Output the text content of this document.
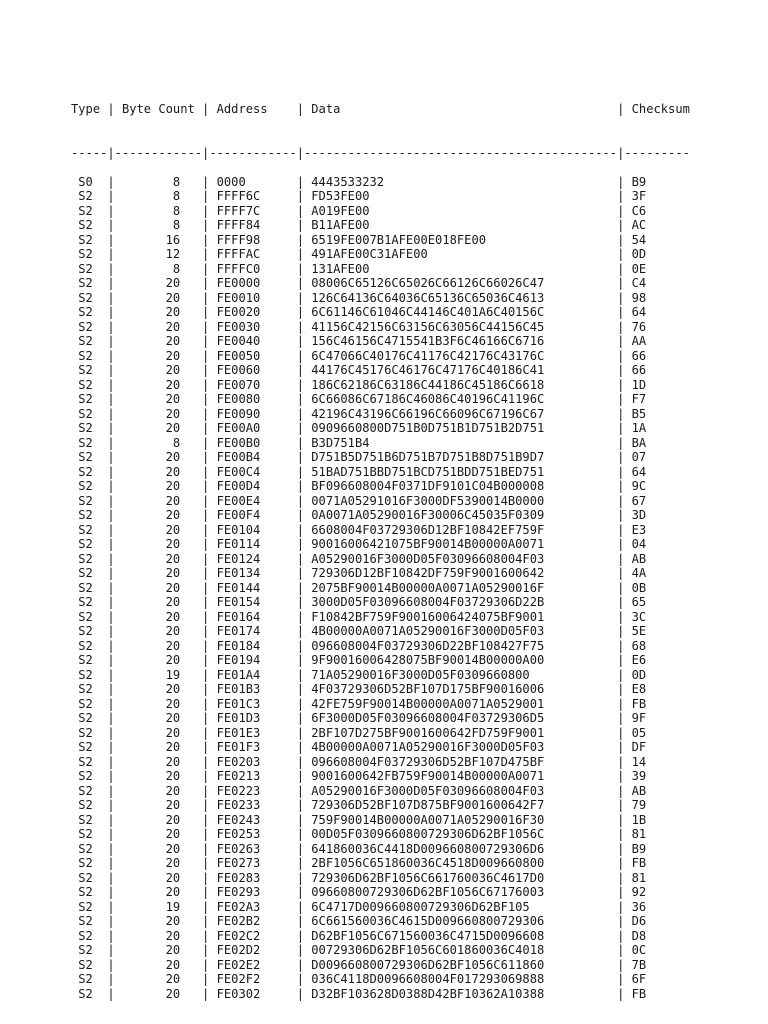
Type | Byte Count | Address    | Data                                      | Checksum

-----|------------|------------|-------------------------------------------|---------

S0  |        8   | 0000       | 4443533232                                | B9
S2  |        8   | FFFF6C     | FD53FE00                                  | 3F
S2  |        8   | FFFF7C     | A019FE00                                  | C6
S2  |        8   | FFFF84     | B11AFE00                                  | AC
S2  |       16   | FFFF98     | 6519FE007B1AFE00E018FE00                  | 54
S2  |       12   | FFFFAC     | 491AFE00C31AFE00                          | 0D
S2  |        8   | FFFFC0     | 131AFE00                                  | 0E
S2  |       20   | FE0000     | 08006C65126C65026C66126C66026C47          | C4
S2  |       20   | FE0010     | 126C64136C64036C65136C65036C4613          | 98
S2  |       20   | FE0020     | 6C61146C61046C44146C401A6C40156C          | 64
S2  |       20   | FE0030     | 41156C42156C63156C63056C44156C45          | 76
S2  |       20   | FE0040     | 156C46156C4715541B3F6C46166C6716          | AA
S2  |       20   | FE0050     | 6C47066C40176C41176C42176C43176C          | 66
S2  |       20   | FE0060     | 44176C45176C46176C47176C40186C41          | 66
S2  |       20   | FE0070     | 186C62186C63186C44186C45186C6618          | 1D
S2  |       20   | FE0080     | 6C66086C67186C46086C40196C41196C          | F7
S2  |       20   | FE0090     | 42196C43196C66196C66096C67196C67          | B5
S2  |       20   | FE00A0     | 0909660800D751B0D751B1D751B2D751          | 1A
S2  |        8   | FE00B0     | B3D751B4                                  | BA
S2  |       20   | FE00B4     | D751B5D751B6D751B7D751B8D751B9D7          | 07
S2  |       20   | FE00C4     | 51BAD751BBD751BCD751BDD751BED751          | 64
S2  |       20   | FE00D4     | BF096608004F0371DF9101C04B000008          | 9C
S2  |       20   | FE00E4     | 0071A05291016F3000DF5390014B0000          | 67
S2  |       20   | FE00F4     | 0A0071A05290016F30006C45035F0309          | 3D
S2  |       20   | FE0104     | 6608004F03729306D12BF10842EF759F          | E3
S2  |       20   | FE0114     | 90016006421075BF90014B00000A0071          | 04
S2  |       20   | FE0124     | A05290016F3000D05F03096608004F03          | AB
S2  |       20   | FE0134     | 729306D12BF10842DF759F9001600642          | 4A
S2  |       20   | FE0144     | 2075BF90014B00000A0071A05290016F          | 0B
S2  |       20   | FE0154     | 3000D05F03096608004F03729306D22B          | 65
S2  |       20   | FE0164     | F10842BF759F90016006424075BF9001          | 3C
S2  |       20   | FE0174     | 4B00000A0071A05290016F3000D05F03          | 5E
S2  |       20   | FE0184     | 096608004F03729306D22BF108427F75          | 68
S2  |       20   | FE0194     | 9F90016006428075BF90014B00000A00          | E6
S2  |       19   | FE01A4     | 71A05290016F3000D05F0309660800            | 0D
S2  |       20   | FE01B3     | 4F03729306D52BF107D175BF90016006          | E8
S2  |       20   | FE01C3     | 42FE759F90014B00000A0071A0529001          | FB
S2  |       20   | FE01D3     | 6F3000D05F03096608004F03729306D5          | 9F
S2  |       20   | FE01E3     | 2BF107D275BF9001600642FD759F9001          | 05
S2  |       20   | FE01F3     | 4B00000A0071A05290016F3000D05F03          | DF
S2  |       20   | FE0203     | 096608004F03729306D52BF107D475BF          | 14
S2  |       20   | FE0213     | 9001600642FB759F90014B00000A0071          | 39
S2  |       20   | FE0223     | A05290016F3000D05F03096608004F03          | AB
S2  |       20   | FE0233     | 729306D52BF107D875BF9001600642F7          | 79
S2  |       20   | FE0243     | 759F90014B00000A0071A05290016F30          | 1B
S2  |       20   | FE0253     | 00D05F0309660800729306D62BF1056C          | 81
S2  |       20   | FE0263     | 641860036C4418D009660800729306D6          | B9
S2  |       20   | FE0273     | 2BF1056C651860036C4518D009660800          | FB
S2  |       20   | FE0283     | 729306D62BF1056C661760036C4617D0          | 81
S2  |       20   | FE0293     | 09660800729306D62BF1056C67176003          | 92
S2  |       19   | FE02A3     | 6C4717D009660800729306D62BF105            | 36
S2  |       20   | FE02B2     | 6C661560036C4615D009660800729306          | D6
S2  |       20   | FE02C2     | D62BF1056C671560036C4715D0096608          | D8
S2  |       20   | FE02D2     | 00729306D62BF1056C601860036C4018          | 0C
S2  |       20   | FE02E2     | D009660800729306D62BF1056C611860          | 7B
S2  |       20   | FE02F2     | 036C4118D0096608004F017293069888          | 6F
S2  |       20   | FE0302     | D32BF103628D0388D42BF10362A10388          | FB
